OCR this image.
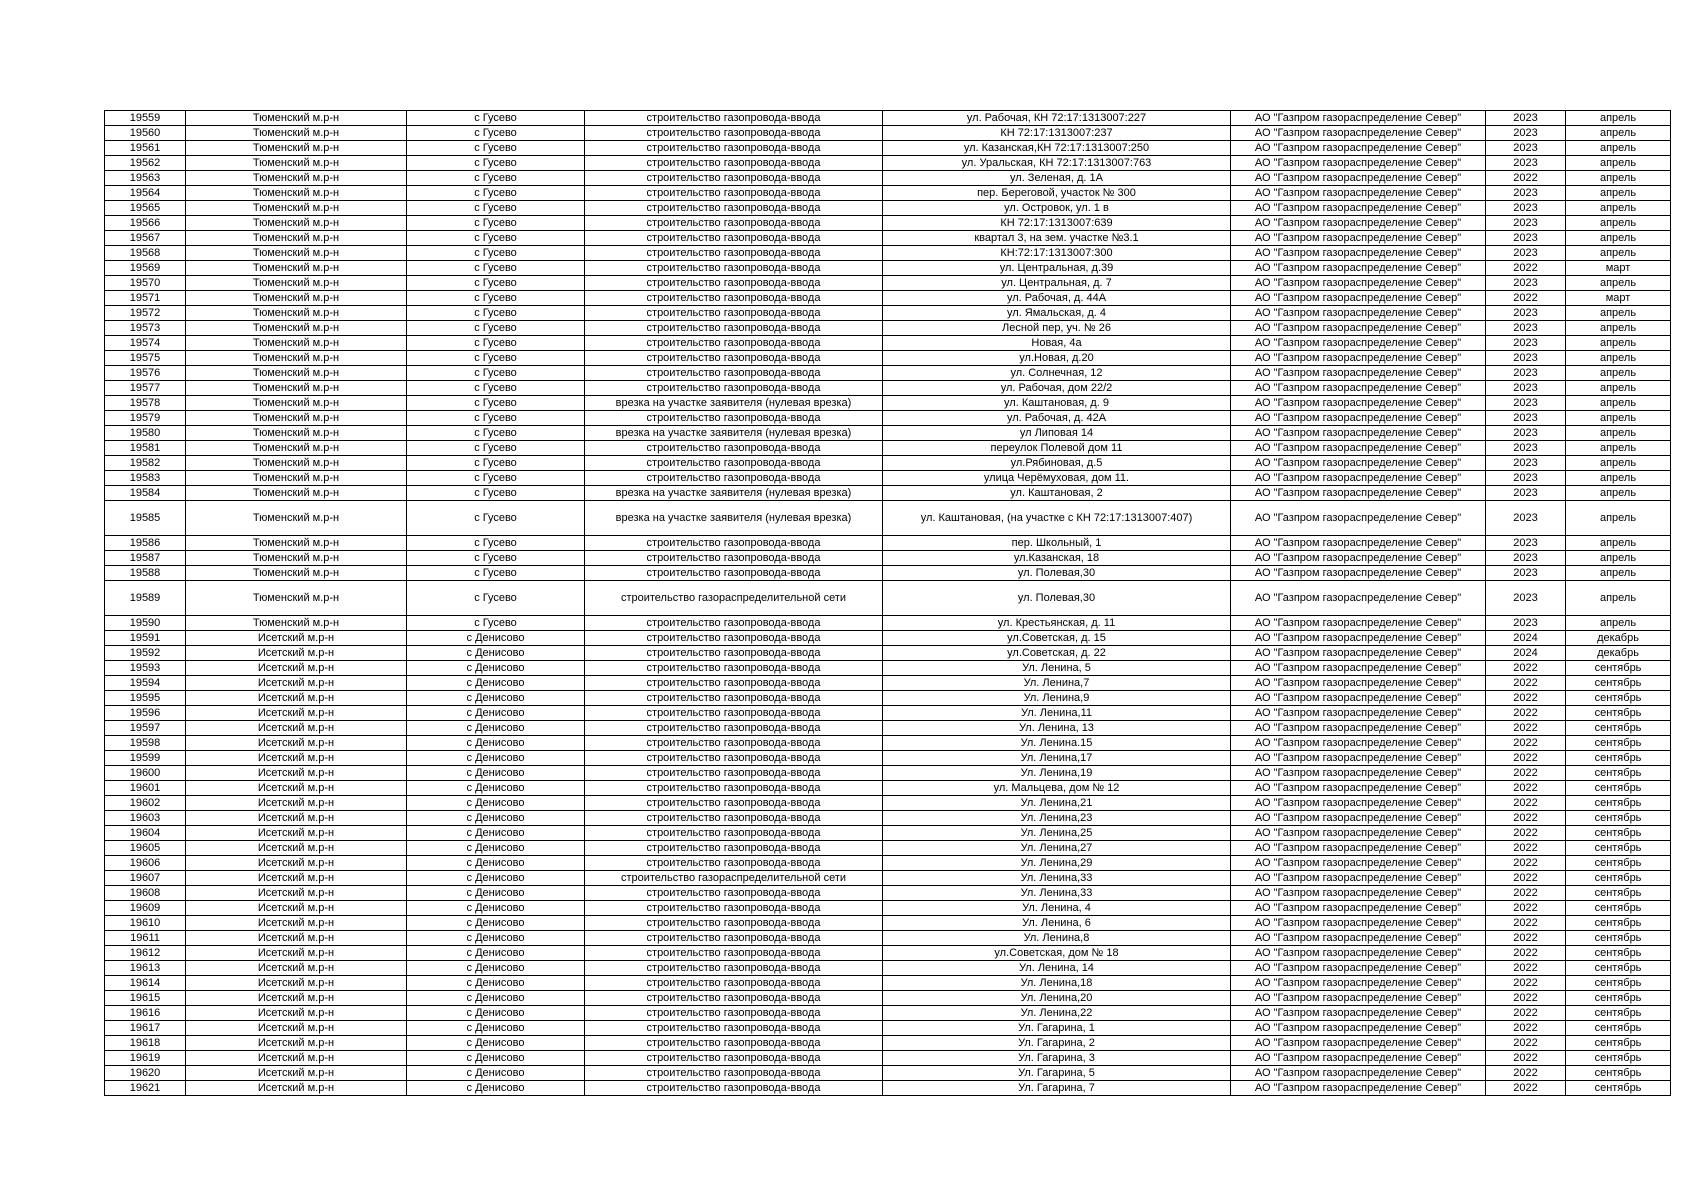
19559	Тюменский м.р-н	с Гусево	строительство газопровода-ввода	ул. Рабочая, КН 72:17:1313007:227	АО "Газпром газораспределение Север"	2023	апрель
19560	Тюменский м.р-н	с Гусево	строительство газопровода-ввода	КН 72:17:1313007:237	АО "Газпром газораспределение Север"	2023	апрель
19561	Тюменский м.р-н	с Гусево	строительство газопровода-ввода	ул. Казанская,КН 72:17:1313007:250	АО "Газпром газораспределение Север"	2023	апрель
19562	Тюменский м.р-н	с Гусево	строительство газопровода-ввода	ул. Уральская, КН 72:17:1313007:763	АО "Газпром газораспределение Север"	2023	апрель
19563	Тюменский м.р-н	с Гусево	строительство газопровода-ввода	ул. Зеленая, д. 1А	АО "Газпром газораспределение Север"	2022	апрель
19564	Тюменский м.р-н	с Гусево	строительство газопровода-ввода	пер. Береговой, участок № 300	АО "Газпром газораспределение Север"	2023	апрель
19565	Тюменский м.р-н	с Гусево	строительство газопровода-ввода	ул. Островок, ул. 1 в	АО "Газпром газораспределение Север"	2023	апрель
19566	Тюменский м.р-н	с Гусево	строительство газопровода-ввода	КН 72:17:1313007:639	АО "Газпром газораспределение Север"	2023	апрель
19567	Тюменский м.р-н	с Гусево	строительство газопровода-ввода	квартал 3, на зем. участке №3.1	АО "Газпром газораспределение Север"	2023	апрель
19568	Тюменский м.р-н	с Гусево	строительство газопровода-ввода	КН:72:17:1313007:300	АО "Газпром газораспределение Север"	2023	апрель
19569	Тюменский м.р-н	с Гусево	строительство газопровода-ввода	ул. Центральная, д.39	АО "Газпром газораспределение Север"	2022	март
19570	Тюменский м.р-н	с Гусево	строительство газопровода-ввода	ул. Центральная, д. 7	АО "Газпром газораспределение Север"	2023	апрель
19571	Тюменский м.р-н	с Гусево	строительство газопровода-ввода	ул. Рабочая, д. 44А	АО "Газпром газораспределение Север"	2022	март
19572	Тюменский м.р-н	с Гусево	строительство газопровода-ввода	ул. Ямальская, д. 4	АО "Газпром газораспределение Север"	2023	апрель
19573	Тюменский м.р-н	с Гусево	строительство газопровода-ввода	Лесной пер, уч. № 26	АО "Газпром газораспределение Север"	2023	апрель
19574	Тюменский м.р-н	с Гусево	строительство газопровода-ввода	Новая, 4а	АО "Газпром газораспределение Север"	2023	апрель
19575	Тюменский м.р-н	с Гусево	строительство газопровода-ввода	ул.Новая, д.20	АО "Газпром газораспределение Север"	2023	апрель
19576	Тюменский м.р-н	с Гусево	строительство газопровода-ввода	ул. Солнечная, 12	АО "Газпром газораспределение Север"	2023	апрель
19577	Тюменский м.р-н	с Гусево	строительство газопровода-ввода	ул. Рабочая, дом 22/2	АО "Газпром газораспределение Север"	2023	апрель
19578	Тюменский м.р-н	с Гусево	врезка на участке заявителя (нулевая врезка)	ул. Каштановая, д. 9	АО "Газпром газораспределение Север"	2023	апрель
19579	Тюменский м.р-н	с Гусево	строительство газопровода-ввода	ул. Рабочая, д. 42А	АО "Газпром газораспределение Север"	2023	апрель
19580	Тюменский м.р-н	с Гусево	врезка на участке заявителя (нулевая врезка)	ул Липовая 14	АО "Газпром газораспределение Север"	2023	апрель
19581	Тюменский м.р-н	с Гусево	строительство газопровода-ввода	переулок Полевой дом 11	АО "Газпром газораспределение Север"	2023	апрель
19582	Тюменский м.р-н	с Гусево	строительство газопровода-ввода	ул.Рябиновая, д.5	АО "Газпром газораспределение Север"	2023	апрель
19583	Тюменский м.р-н	с Гусево	строительство газопровода-ввода	улица Черёмуховая, дом 11.	АО "Газпром газораспределение Север"	2023	апрель
19584	Тюменский м.р-н	с Гусево	врезка на участке заявителя (нулевая врезка)	ул. Каштановая, 2	АО "Газпром газораспределение Север"	2023	апрель
19585	Тюменский м.р-н	с Гусево	врезка на участке заявителя (нулевая врезка)	ул. Каштановая, (на участке с КН 72:17:1313007:407)	АО "Газпром газораспределение Север"	2023	апрель
19586	Тюменский м.р-н	с Гусево	строительство газопровода-ввода	пер. Школьный, 1	АО "Газпром газораспределение Север"	2023	апрель
19587	Тюменский м.р-н	с Гусево	строительство газопровода-ввода	ул.Казанская, 18	АО "Газпром газораспределение Север"	2023	апрель
19588	Тюменский м.р-н	с Гусево	строительство газопровода-ввода	ул. Полевая,30	АО "Газпром газораспределение Север"	2023	апрель
19589	Тюменский м.р-н	с Гусево	строительство газораспределительной сети	ул. Полевая,30	АО "Газпром газораспределение Север"	2023	апрель
19590	Тюменский м.р-н	с Гусево	строительство газопровода-ввода	ул. Крестьянская, д. 11	АО "Газпром газораспределение Север"	2023	апрель
19591	Исетский м.р-н	с Денисово	строительство газопровода-ввода	ул.Советская, д. 15	АО "Газпром газораспределение Север"	2024	декабрь
19592	Исетский м.р-н	с Денисово	строительство газопровода-ввода	ул.Советская, д. 22	АО "Газпром газораспределение Север"	2024	декабрь
19593	Исетский м.р-н	с Денисово	строительство газопровода-ввода	Ул. Ленина, 5	АО "Газпром газораспределение Север"	2022	сентябрь
19594	Исетский м.р-н	с Денисово	строительство газопровода-ввода	Ул. Ленина,7	АО "Газпром газораспределение Север"	2022	сентябрь
19595	Исетский м.р-н	с Денисово	строительство газопровода-ввода	Ул. Ленина,9	АО "Газпром газораспределение Север"	2022	сентябрь
19596	Исетский м.р-н	с Денисово	строительство газопровода-ввода	Ул. Ленина,11	АО "Газпром газораспределение Север"	2022	сентябрь
19597	Исетский м.р-н	с Денисово	строительство газопровода-ввода	Ул. Ленина, 13	АО "Газпром газораспределение Север"	2022	сентябрь
19598	Исетский м.р-н	с Денисово	строительство газопровода-ввода	Ул. Ленина.15	АО "Газпром газораспределение Север"	2022	сентябрь
19599	Исетский м.р-н	с Денисово	строительство газопровода-ввода	Ул. Ленина,17	АО "Газпром газораспределение Север"	2022	сентябрь
19600	Исетский м.р-н	с Денисово	строительство газопровода-ввода	Ул. Ленина,19	АО "Газпром газораспределение Север"	2022	сентябрь
19601	Исетский м.р-н	с Денисово	строительство газопровода-ввода	ул. Мальцева, дом № 12	АО "Газпром газораспределение Север"	2022	сентябрь
19602	Исетский м.р-н	с Денисово	строительство газопровода-ввода	Ул. Ленина,21	АО "Газпром газораспределение Север"	2022	сентябрь
19603	Исетский м.р-н	с Денисово	строительство газопровода-ввода	Ул. Ленина,23	АО "Газпром газораспределение Север"	2022	сентябрь
19604	Исетский м.р-н	с Денисово	строительство газопровода-ввода	Ул. Ленина,25	АО "Газпром газораспределение Север"	2022	сентябрь
19605	Исетский м.р-н	с Денисово	строительство газопровода-ввода	Ул. Ленина,27	АО "Газпром газораспределение Север"	2022	сентябрь
19606	Исетский м.р-н	с Денисово	строительство газопровода-ввода	Ул. Ленина,29	АО "Газпром газораспределение Север"	2022	сентябрь
19607	Исетский м.р-н	с Денисово	строительство газораспределительной сети	Ул. Ленина,33	АО "Газпром газораспределение Север"	2022	сентябрь
19608	Исетский м.р-н	с Денисово	строительство газопровода-ввода	Ул. Ленина,33	АО "Газпром газораспределение Север"	2022	сентябрь
19609	Исетский м.р-н	с Денисово	строительство газопровода-ввода	Ул. Ленина, 4	АО "Газпром газораспределение Север"	2022	сентябрь
19610	Исетский м.р-н	с Денисово	строительство газопровода-ввода	Ул. Ленина, 6	АО "Газпром газораспределение Север"	2022	сентябрь
19611	Исетский м.р-н	с Денисово	строительство газопровода-ввода	Ул. Ленина,8	АО "Газпром газораспределение Север"	2022	сентябрь
19612	Исетский м.р-н	с Денисово	строительство газопровода-ввода	ул.Советская, дом № 18	АО "Газпром газораспределение Север"	2022	сентябрь
19613	Исетский м.р-н	с Денисово	строительство газопровода-ввода	Ул. Ленина, 14	АО "Газпром газораспределение Север"	2022	сентябрь
19614	Исетский м.р-н	с Денисово	строительство газопровода-ввода	Ул. Ленина,18	АО "Газпром газораспределение Север"	2022	сентябрь
19615	Исетский м.р-н	с Денисово	строительство газопровода-ввода	Ул. Ленина,20	АО "Газпром газораспределение Север"	2022	сентябрь
19616	Исетский м.р-н	с Денисово	строительство газопровода-ввода	Ул. Ленина,22	АО "Газпром газораспределение Север"	2022	сентябрь
19617	Исетский м.р-н	с Денисово	строительство газопровода-ввода	Ул. Гагарина, 1	АО "Газпром газораспределение Север"	2022	сентябрь
19618	Исетский м.р-н	с Денисово	строительство газопровода-ввода	Ул. Гагарина, 2	АО "Газпром газораспределение Север"	2022	сентябрь
19619	Исетский м.р-н	с Денисово	строительство газопровода-ввода	Ул. Гагарина, 3	АО "Газпром газораспределение Север"	2022	сентябрь
19620	Исетский м.р-н	с Денисово	строительство газопровода-ввода	Ул. Гагарина, 5	АО "Газпром газораспределение Север"	2022	сентябрь
19621	Исетский м.р-н	с Денисово	строительство газопровода-ввода	Ул. Гагарина, 7	АО "Газпром газораспределение Север"	2022	сентябрь
